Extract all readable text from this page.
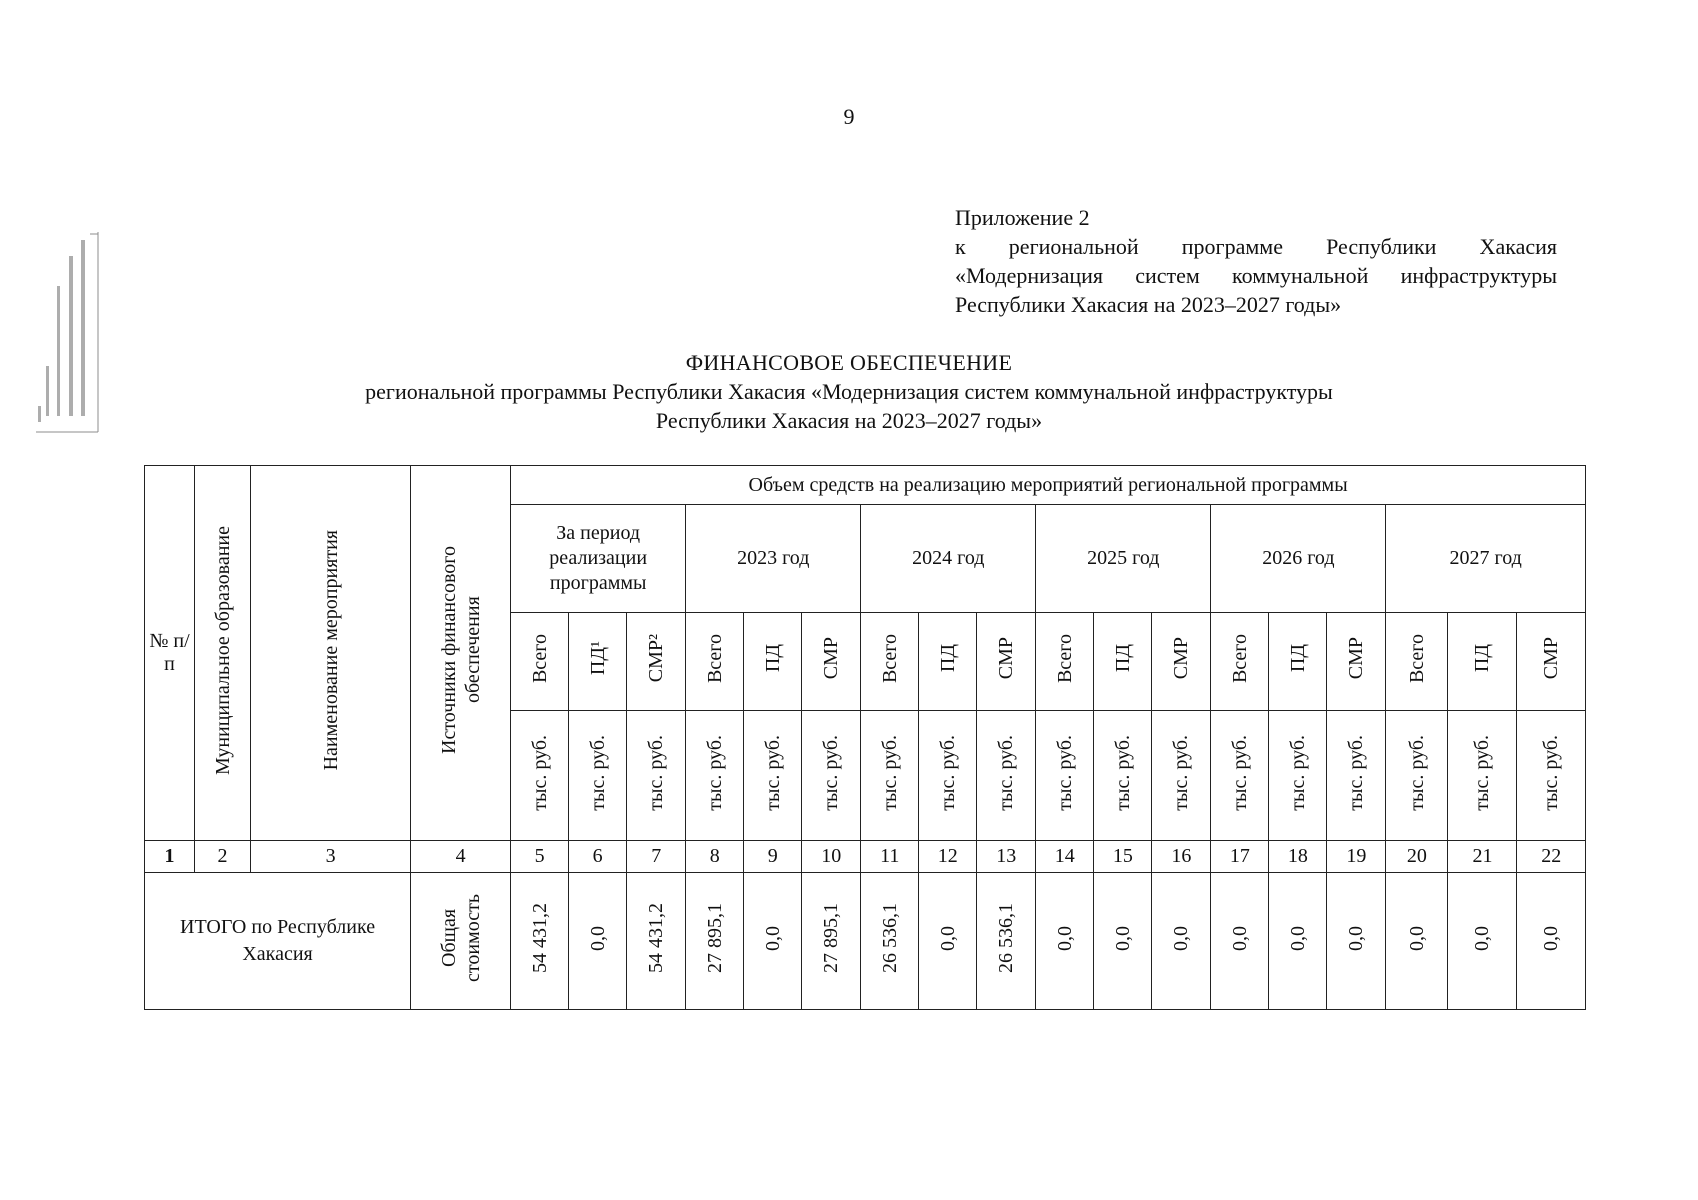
9
Приложение 2
к региональной программе Республики Хакасия
«Модернизация систем коммунальной инфраструктуры
Республики Хакасия на 2023–2027 годы»
ФИНАНСОВОЕ ОБЕСПЕЧЕНИЕ
региональной программы Республики Хакасия «Модернизация систем коммунальной инфраструктуры
Республики Хакасия на 2023–2027 годы»
№ п/п	Муниципальное образование	Наименование мероприятия	Источники финансового обеспечения	Объем средств на реализацию мероприятий региональной программы																	
				За период реализации программы			2023 год			2024 год			2025 год			2026 год			2027 год		
				Всего	ПД¹	СМР²	Всего	ПД	СМР	Всего	ПД	СМР	Всего	ПД	СМР	Всего	ПД	СМР	Всего	ПД	СМР
				тыс. руб.	тыс. руб.	тыс. руб.	тыс. руб.	тыс. руб.	тыс. руб.	тыс. руб.	тыс. руб.	тыс. руб.	тыс. руб.	тыс. руб.	тыс. руб.	тыс. руб.	тыс. руб.	тыс. руб.	тыс. руб.	тыс. руб.	тыс. руб.
1	2	3	4	5	6	7	8	9	10	11	12	13	14	15	16	17	18	19	20	21	22
ИТОГО по Республике Хакасия			Общая стоимость	54 431,2	0,0	54 431,2	27 895,1	0,0	27 895,1	26 536,1	0,0	26 536,1	0,0	0,0	0,0	0,0	0,0	0,0	0,0	0,0	0,0
